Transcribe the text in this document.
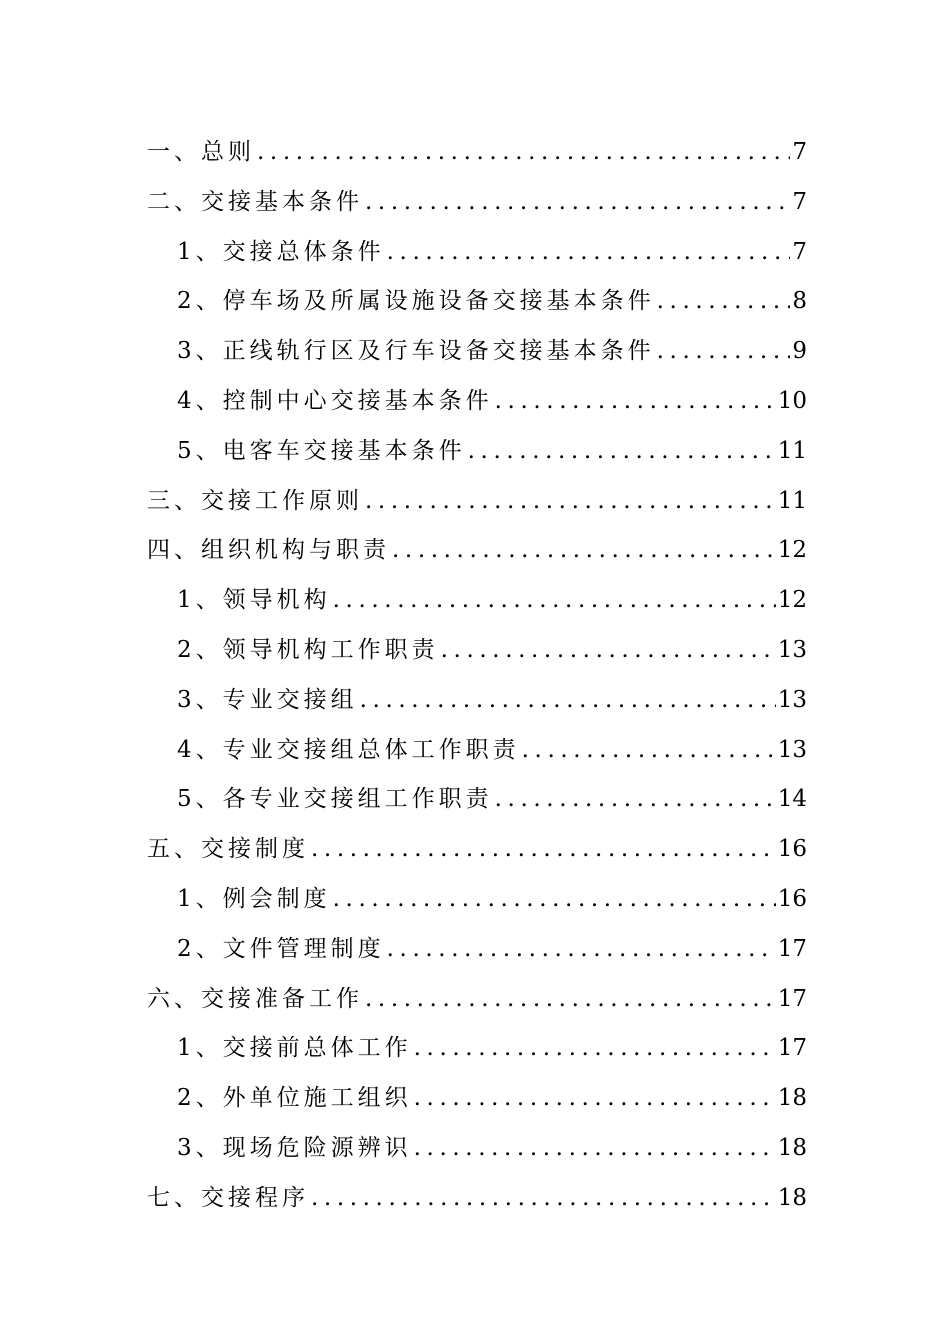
一、总则 .....	7
二、交接基本条件 .....	7
1、交接总体条件 .....	7
2、停车场及所属设施设备交接基本条件 .....	8
3、正线轨行区及行车设备交接基本条件 .....	9
4、控制中心交接基本条件 .....	10
5、电客车交接基本条件 .....	11
三、交接工作原则 .....	11
四、组织机构与职责 .....	12
1、领导机构 .....	12
2、领导机构工作职责 .....	13
3、专业交接组 .....	13
4、专业交接组总体工作职责 .....	13
5、各专业交接组工作职责 .....	14
五、交接制度 .....	16
1、例会制度 .....	16
2、文件管理制度 .....	17
六、交接准备工作 .....	17
1、交接前总体工作 .....	17
2、外单位施工组织 .....	18
3、现场危险源辨识 .....	18
七、交接程序 .....	18
